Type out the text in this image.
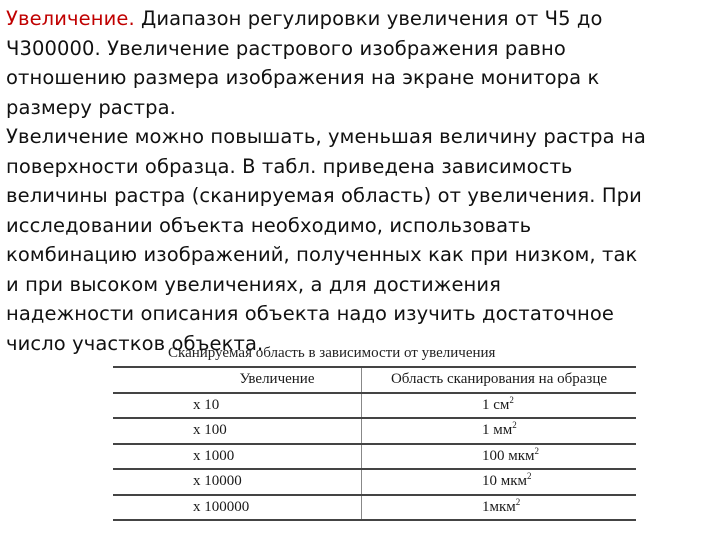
Увеличение. Диапазон регулировки увеличения от Ч5 до
Ч300000. Увеличение растрового изображения равно
отношению размера изображения на экране монитора к
размеру растра.
Увеличение можно повышать, уменьшая величину растра на
поверхности образца. В табл. приведена зависимость
величины растра (сканируемая область) от увеличения. При
исследовании объекта необходимо, использовать
комбинацию изображений, полученных как при низком, так
и при высоком увеличениях, а для достижения
надежности описания объекта надо изучить достаточное
число участков объекта.
Сканируемая область в зависимости от увеличения
Увеличение	Область сканирования на образце
x 10	1 $см^2$
x 100	1 $мм^2$
x 1000	100 мкм$^2$
x 10000	10 мкм$^2$
x 100000	1мкм$^2$
